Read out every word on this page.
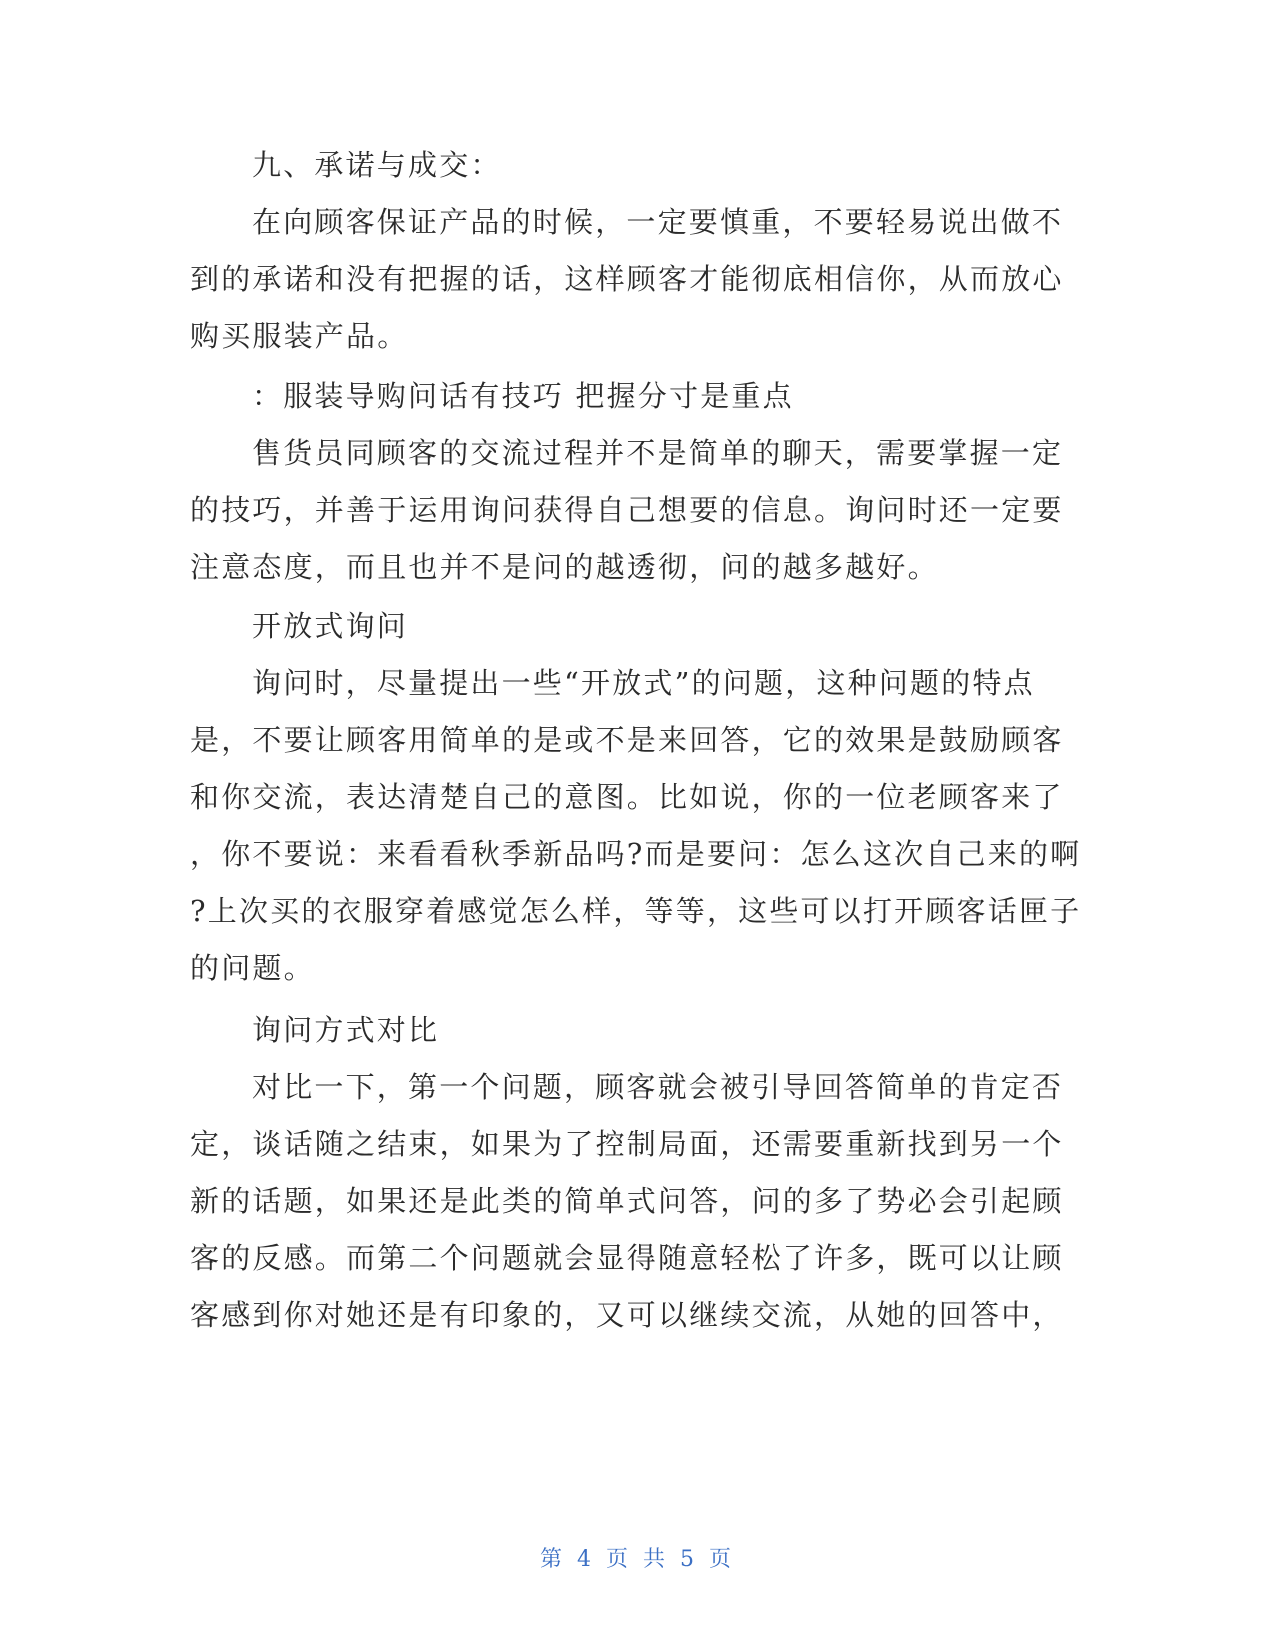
九、承诺与成交：
在向顾客保证产品的时候，一定要慎重，不要轻易说出做不
到的承诺和没有把握的话，这样顾客才能彻底相信你，从而放心
购买服装产品。
：服装导购问话有技巧 把握分寸是重点
售货员同顾客的交流过程并不是简单的聊天，需要掌握一定
的技巧，并善于运用询问获得自己想要的信息。询问时还一定要
注意态度，而且也并不是问的越透彻，问的越多越好。
开放式询问
询问时，尽量提出一些“开放式”的问题，这种问题的特点
是，不要让顾客用简单的是或不是来回答，它的效果是鼓励顾客
和你交流，表达清楚自己的意图。比如说，你的一位老顾客来了
，你不要说：来看看秋季新品吗?而是要问：怎么这次自己来的啊
?上次买的衣服穿着感觉怎么样，等等，这些可以打开顾客话匣子
的问题。
询问方式对比
对比一下，第一个问题，顾客就会被引导回答简单的肯定否
定，谈话随之结束，如果为了控制局面，还需要重新找到另一个
新的话题，如果还是此类的简单式问答，问的多了势必会引起顾
客的反感。而第二个问题就会显得随意轻松了许多，既可以让顾
客感到你对她还是有印象的，又可以继续交流，从她的回答中，
第 4 页 共 5 页
